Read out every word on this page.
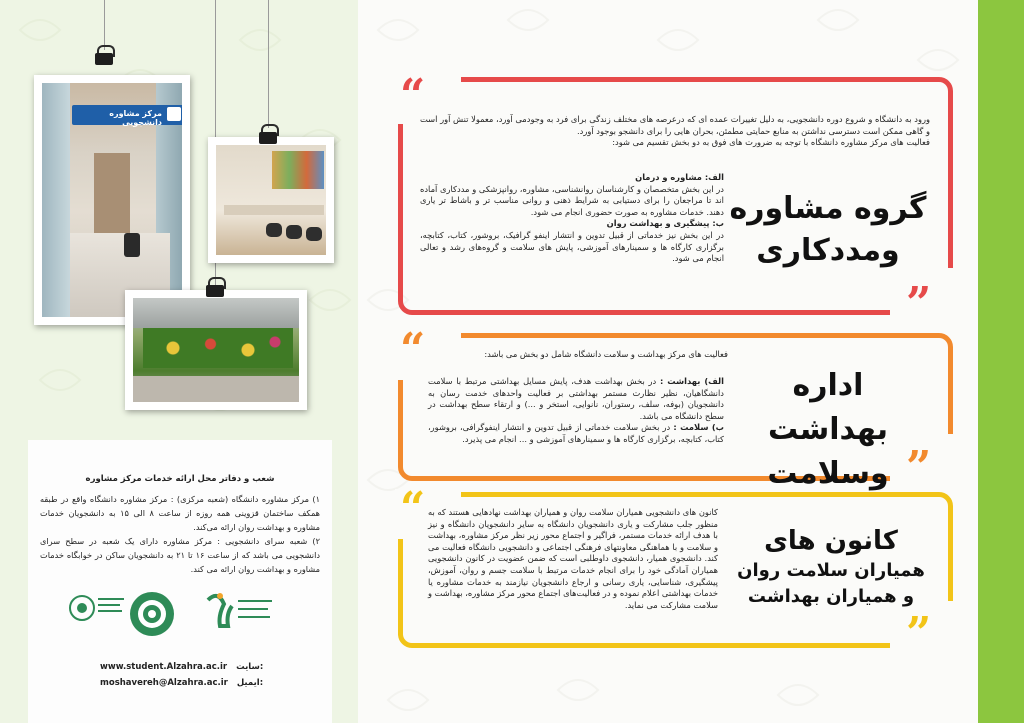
مرکز مشاوره دانشجویی
شعب و دفاتر محل ارائه خدمات مرکز مشاوره

۱) مرکز مشاوره دانشگاه (شعبه مرکزی) : مرکز مشاوره دانشگاه واقع در طبقه همکف ساختمان قزوینی همه روزه از ساعت ۸ الی ۱۵ به دانشجویان خدمات مشاوره و بهداشت روان ارائه می‌کند.

۲) شعبه سرای دانشجویی : مرکز مشاوره دارای یک شعبه در سطح سرای دانشجویی می باشد که از ساعت ۱۶ تا ۲۱ به دانشجویان ساکن در خوابگاه خدمات مشاوره و بهداشت روان ارائه می کند.

www.student.Alzahra.ac.ir سایت:
moshavereh@Alzahra.ac.ir ایمیل:
“
”

ورود به دانشگاه و شروع دوره دانشجویی، به دلیل تغییرات عمده ای که درعرصه های مختلف زندگی برای فرد به وجودمی آورد، معمولا تنش آور است و گاهی ممکن است دسترسی نداشتن به منابع حمایتی مطمئن، بحران هایی را برای دانشجو بوجود آورد.

فعالیت های مرکز مشاوره دانشگاه با توجه به ضرورت های فوق به دو بخش تقسیم می شود:

الف: مشاوره و درمان

در این بخش متخصصان و کارشناسان روانشناسی، مشاوره، روانپزشکی و مددکاری آماده اند تا مراجعان را برای دستیابی به شرایط ذهنی و روانی مناسب تر و باشاط تر یاری دهند. خدمات مشاوره به صورت حضوری انجام می شود.

ب: پیشگیری و بهداشت روان

در این بخش نیز خدماتی از قبیل تدوین و انتشار اینفو گرافیک، بروشور، کتاب، کتابچه، برگزاری کارگاه ها و سمینارهای آموزشی، پایش های سلامت و گروه‌های رشد و تعالی انجام می شود.

گروه مشاوره
ومددکاری
“
”

فعالیت های مرکز بهداشت و سلامت دانشگاه شامل دو بخش می باشد:

الف) بهداشت : در بخش بهداشت هدف، پایش مسایل بهداشتی مرتبط با سلامت دانشگاهیان، نظیر نظارت مستمر بهداشتی بر فعالیت واحدهای خدمت رسان به دانشجویان (بوفه، سلف، رستوران، نانوایی، استخر و ...) و ارتقاء سطح بهداشت در سطح دانشگاه می باشد.

ب) سلامت : در بخش سلامت خدماتی از قبیل تدوین و انتشار اینفوگرافی، بروشور، کتاب، کتابچه، برگزاری کارگاه ها و سمینارهای آموزشی و ... انجام می پذیرد.

اداره بهداشت
وسلامت
“
”

کانون های دانشجویی همیاران سلامت روان و همیاران بهداشت نهادهایی هستند که به منظور جلب مشارکت و یاری دانشجویان دانشگاه به سایر دانشجویان دانشگاه و نیز با هدف ارائه خدمات مستمر، فراگیر و اجتماع محور زیر نظر مرکز مشاوره، بهداشت و سلامت و با هماهنگی معاونتهای فرهنگی اجتماعی و دانشجویی دانشگاه فعالیت می کند. دانشجوی همیار، دانشجوی داوطلبی است که ضمن عضویت در کانون دانشجویی همیاران آمادگی خود را برای انجام خدمات مرتبط با سلامت جسم و روان، آموزش، پیشگیری، شناسایی، یاری رسانی و ارجاع دانشجویان نیازمند به خدمات مشاوره یا خدمات بهداشتی اعلام نموده و در فعالیت‌های اجتماع محور مرکز مشاوره، بهداشت و سلامت مشارکت می نماید.

کانون های
همیاران سلامت روان
و همیاران بهداشت
